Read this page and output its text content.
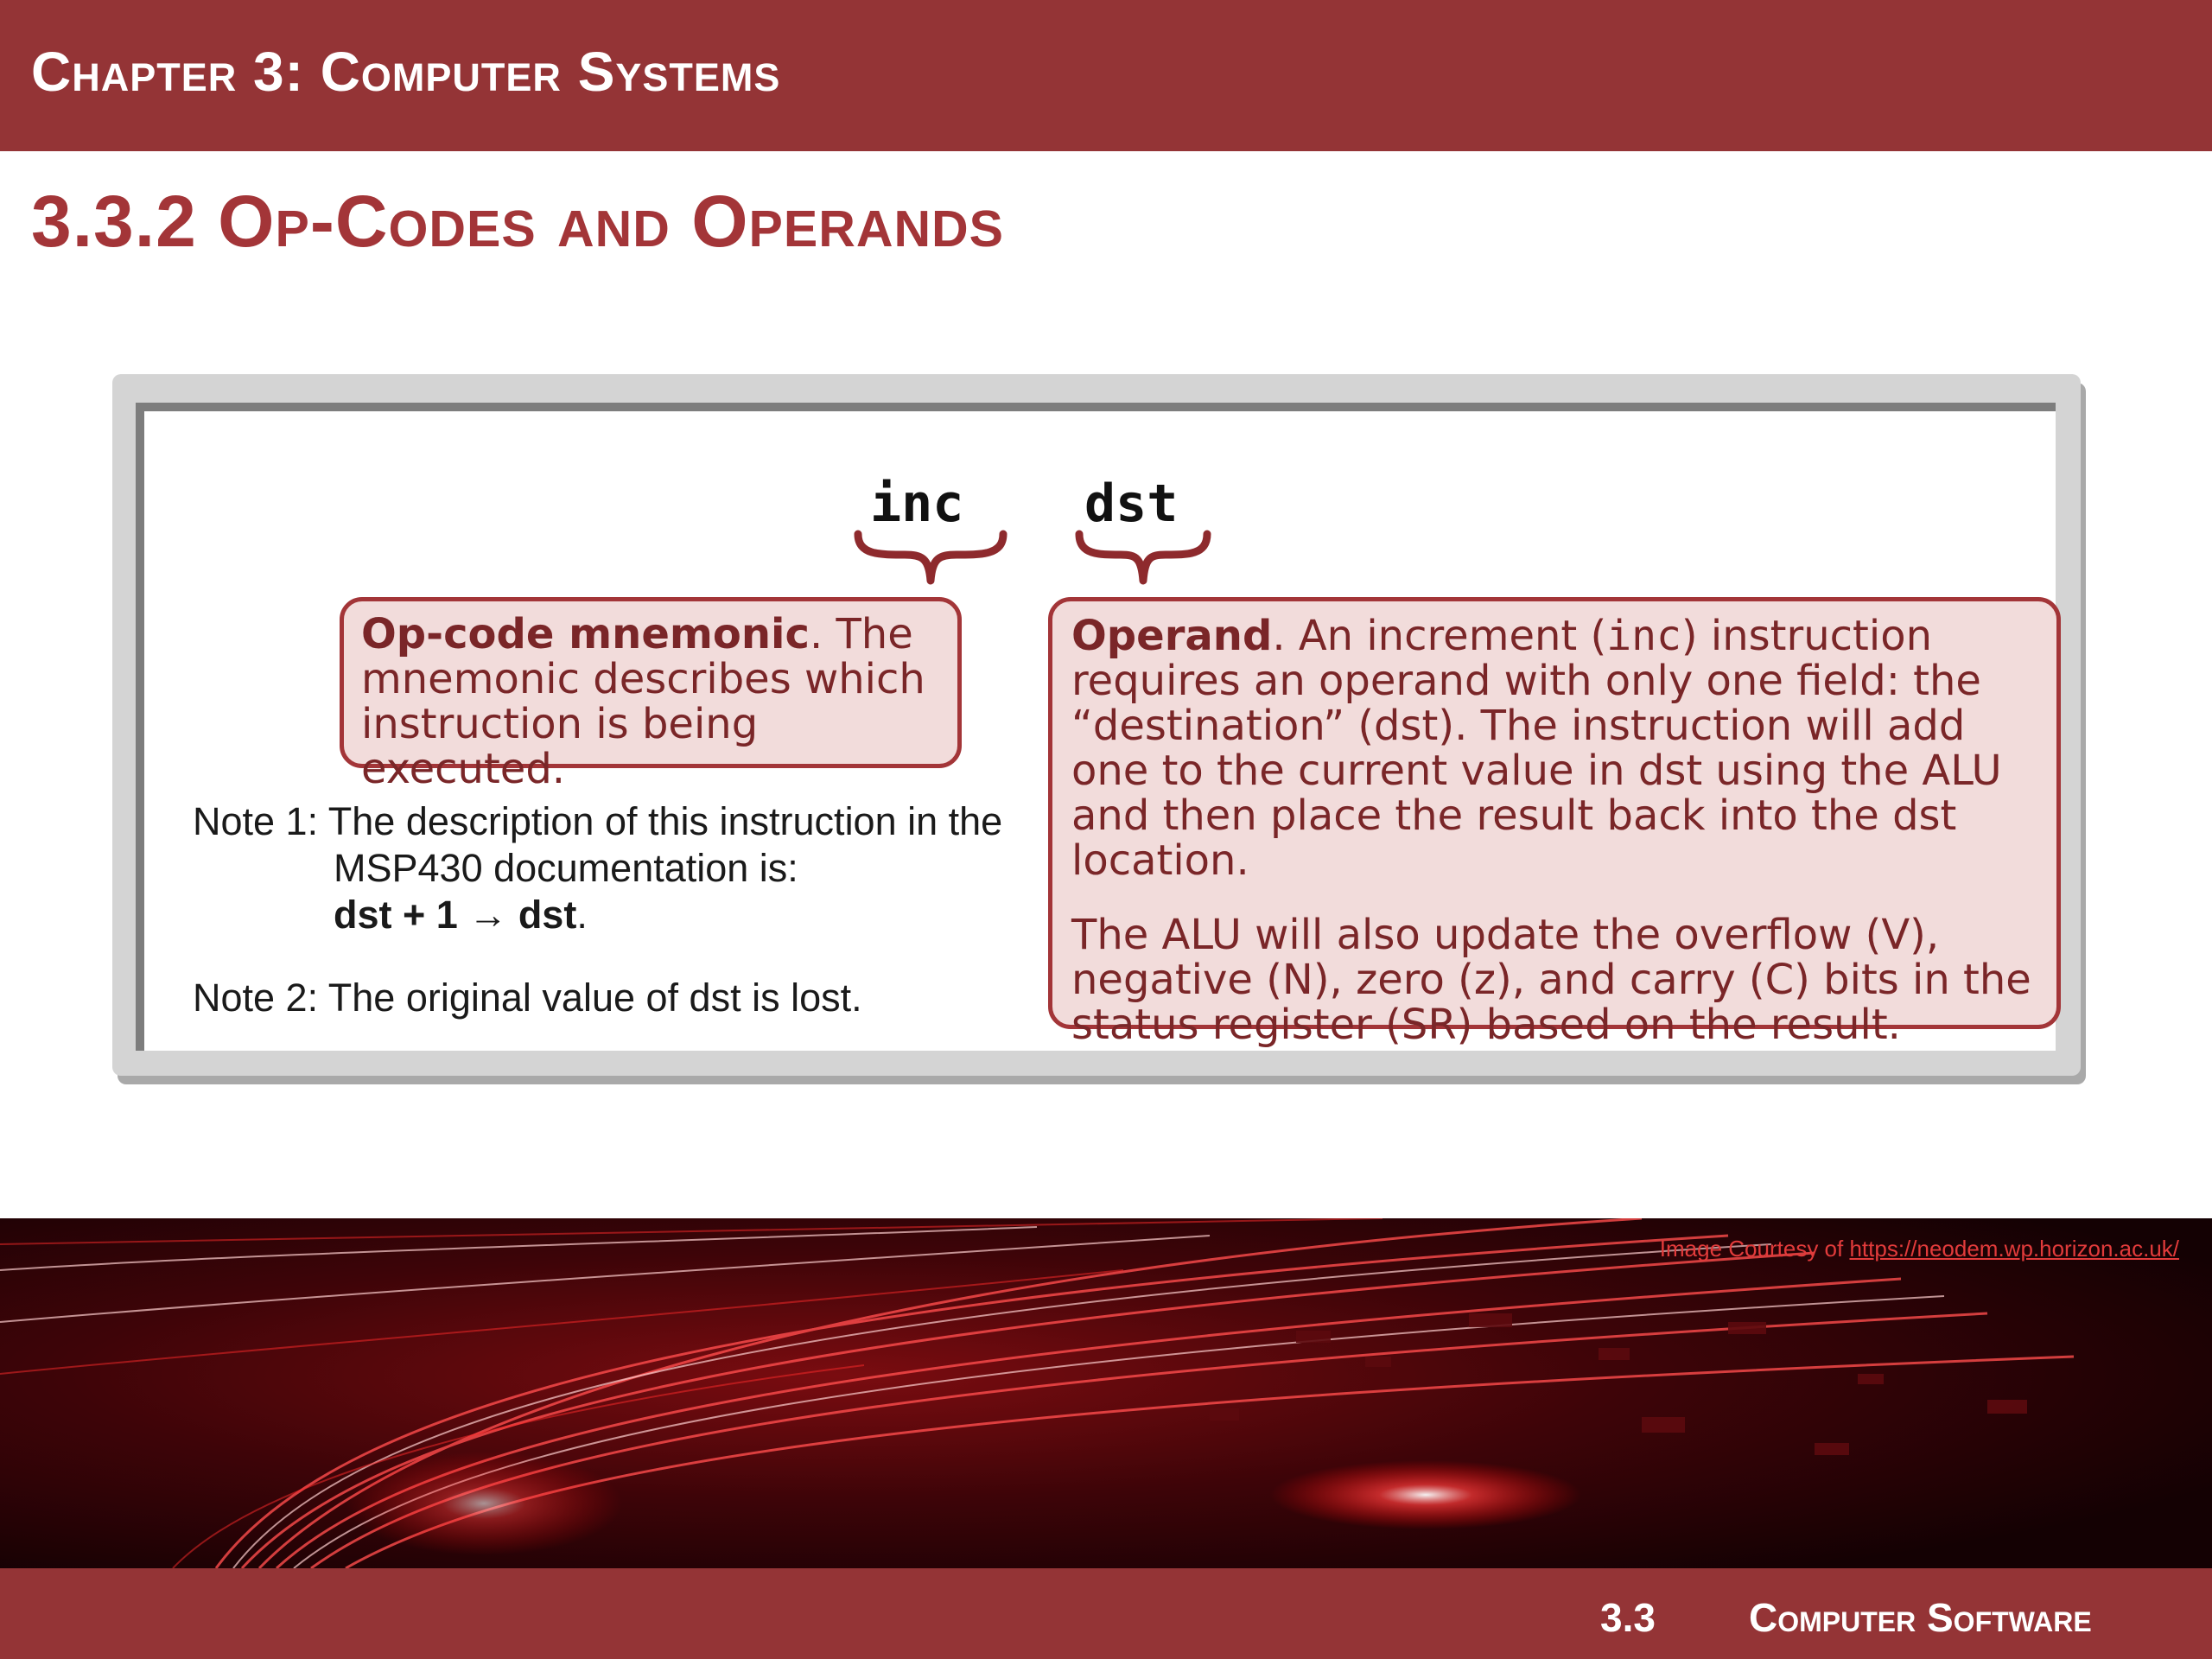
Chapter 3: Computer Systems
3.3.2 Op-Codes and Operands
inc dst

Op-code mnemonic. The mnemonic describes which instruction is being executed.

Operand. An increment (inc) instruction requires an operand with only one field: the “destination” (dst). The instruction will add one to the current value in dst using the ALU and then place the result back into the dst location.

The ALU will also update the overflow (V), negative (N), zero (z), and carry (C) bits in the status register (SR) based on the result.

Note 1: The description of this instruction in the
MSP430 documentation is:
dst + 1 → dst.
Note 2: The original value of dst is lost.
Image Courtesy of https://neodem.wp.horizon.ac.uk/
3.3 Computer Software
